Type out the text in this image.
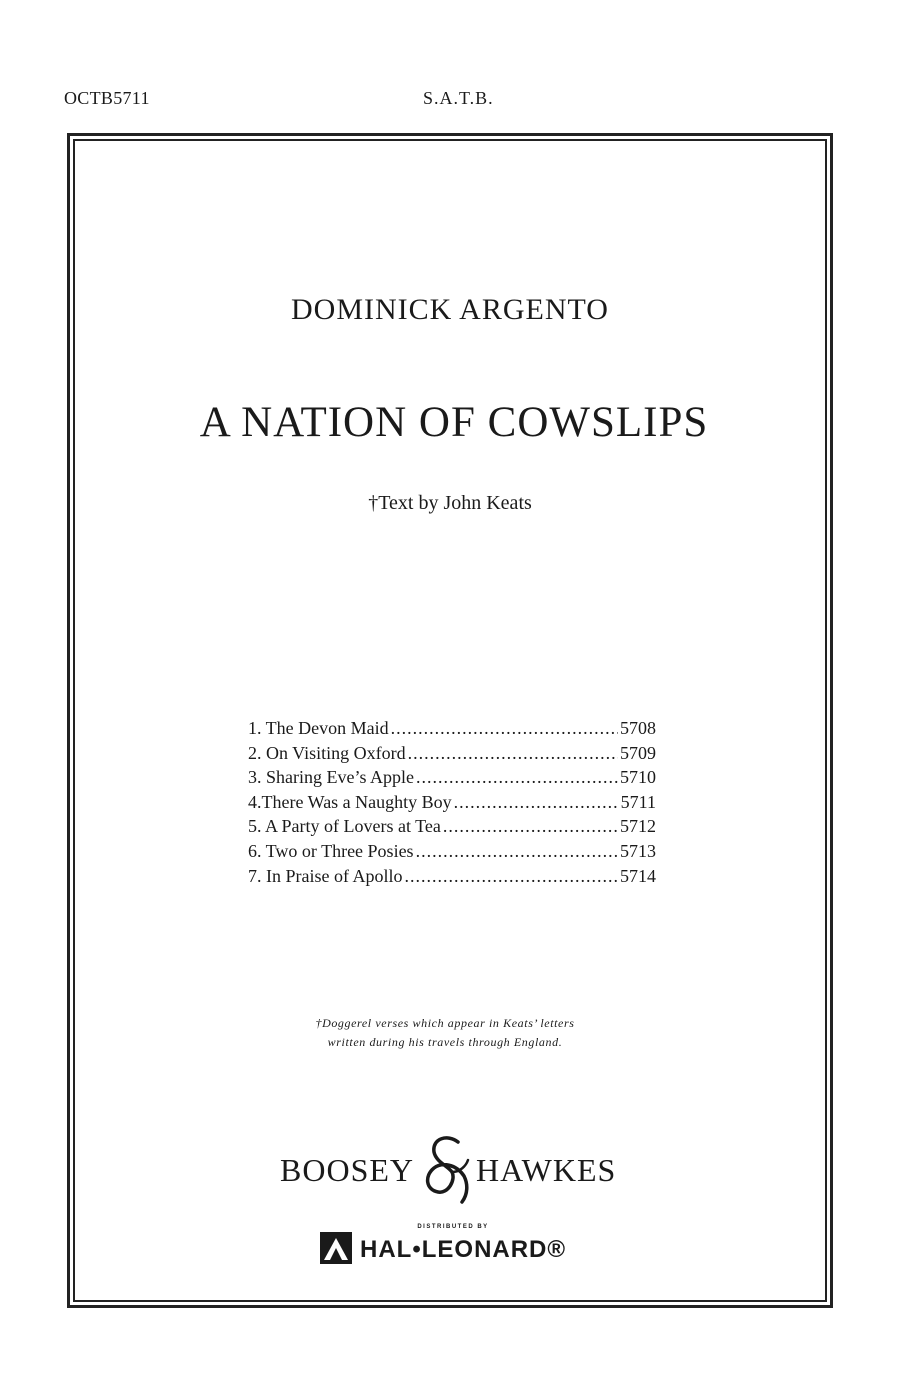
OCTB5711	S.A.T.B.
DOMINICK ARGENTO
A NATION OF COWSLIPS
†Text by John Keats
1. The Devon Maid .....	5708
2. On Visiting Oxford .....	5709
3. Sharing Eve’s Apple .....	5710
4.There Was a Naughty Boy .....	5711
5. A Party of Lovers at Tea .....	5712
6. Two or Three Posies .....	5713
7. In Praise of Apollo .....	5714
†Doggerel verses which appear in Keats’ letters
written during his travels through England.
BOOSEY HAWKES
DISTRIBUTED BY
HAL•LEONARD®
